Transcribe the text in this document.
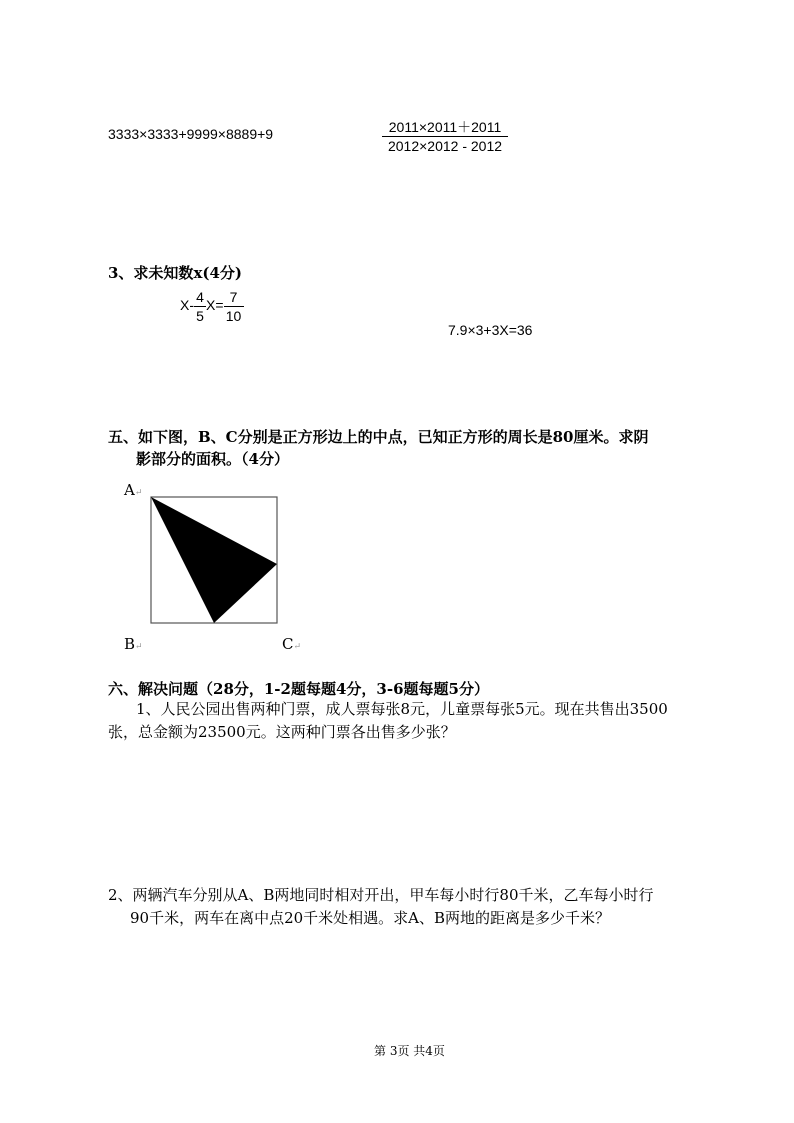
3333×3333+9999×8889+9	$\frac{2011\times 2011+2011}{2012\times 2012 - 2012}$
3、求未知数x(4分)
$X- \frac{4}{5} X= \frac{7}{10}$
7.9×3+3X=36
五、如下图，B、C分别是正方形边上的中点，已知正方形的周长是80厘米。求阴
影部分的面积。（4分）
A↵
B↵	C↵
六、解决问题（28分，1-2题每题4分，3-6题每题5分）
1、人民公园出售两种门票，成人票每张8元，儿童票每张5元。现在共售出3500
张，总金额为23500元。这两种门票各出售多少张？
2、两辆汽车分别从A、B两地同时相对开出，甲车每小时行80千米，乙车每小时行
90千米，两车在离中点20千米处相遇。求A、B两地的距离是多少千米？
第 3页 共4页
